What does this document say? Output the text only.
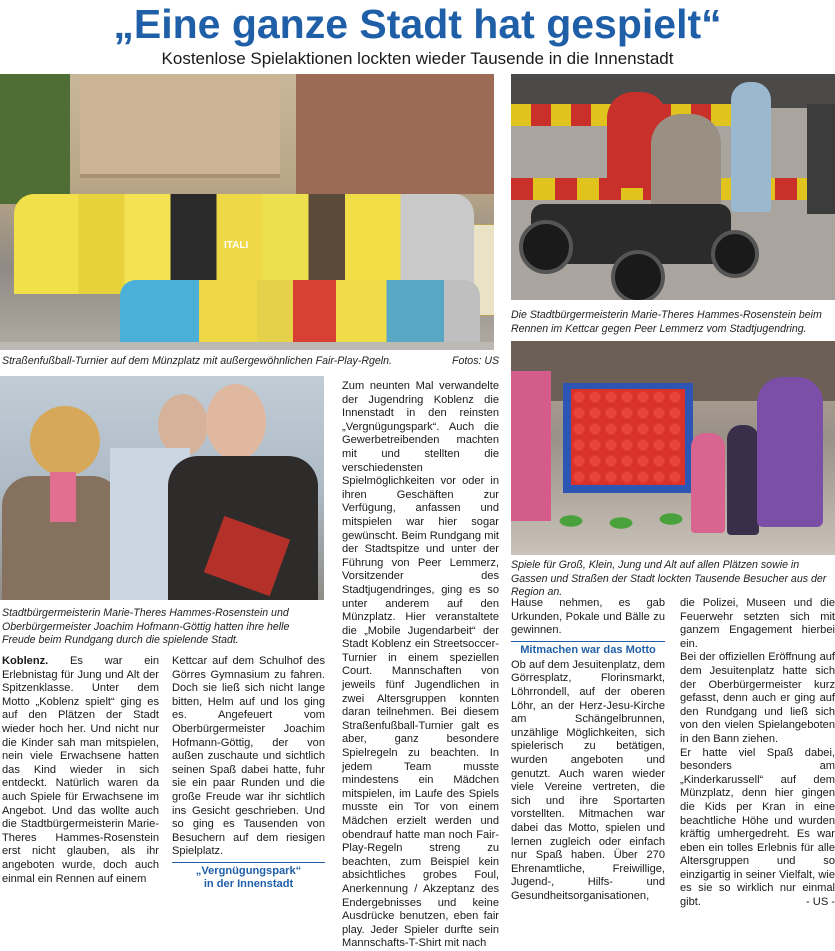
„Eine ganze Stadt hat gespielt“
Kostenlose Spielaktionen lockten wieder Tausende in die Innenstadt
ITALI
Straßenfußball-Turnier auf dem Münzplatz mit außergewöhnlichen Fair-Play-Rgeln.	Fotos: US
Die Stadtbürgermeisterin Marie-Theres Hammes-Rosenstein beim Rennen im Kettcar gegen Peer Lemmerz vom Stadtjugendring.
Stadtbürgermeisterin Marie-Theres Hammes-Rosenstein und Oberbürgermeister Joachim Hofmann-Göttig hatten ihre helle Freude beim Rundgang durch die spielende Stadt.
Spiele für Groß, Klein, Jung und Alt auf allen Plätzen sowie in Gassen und Straßen der Stadt lockten Tausende Besucher aus der Region an.

Koblenz. Es war ein Erlebnistag für Jung und Alt der Spitzenklasse. Unter dem Motto „Koblenz spielt“ ging es auf den Plätzen der Stadt wieder hoch her. Und nicht nur die Kinder sah man mitspielen, nein viele Erwachsene hatten das Kind wieder in sich entdeckt. Natürlich waren da auch Spiele für Erwachsene im Angebot. Und das wollte auch die Stadtbürgermeisterin Marie-Theres Hammes-Rosenstein erst nicht glauben, als ihr angeboten wurde, doch auch einmal ein Rennen auf einem

Kettcar auf dem Schulhof des Görres Gymnasium zu fahren. Doch sie ließ sich nicht lange bitten, Helm auf und los ging es. Angefeuert vom Oberbürgermeister Joachim Hofmann-Göttig, der von außen zuschaute und sichtlich seinen Spaß dabei hatte, fuhr sie ein paar Runden und die große Freude war ihr sichtlich ins Gesicht geschrieben. Und so ging es Tausenden von Besuchern auf dem riesigen Spielplatz.

„Vergnügungspark“
in der Innenstadt

Zum neunten Mal verwandelte der Jugendring Koblenz die Innenstadt in den reinsten „Vergnügungspark“. Auch die Gewerbetreibenden machten mit und stellten die verschiedensten Spielmöglichkeiten vor oder in ihren Geschäften zur Verfügung, anfassen und mitspielen war hier sogar gewünscht. Beim Rundgang mit der Stadtspitze und unter der Führung von Peer Lemmerz, Vorsitzender des Stadtjugendringes, ging es so unter anderem auf den Münzplatz. Hier veranstaltete die „Mobile Jugendarbeit“ der Stadt Koblenz ein Streetsoccer-Turnier in einem speziellen Court. Mannschaften von jeweils fünf Jugendlichen in zwei Altersgruppen konnten daran teilnehmen. Bei diesem Straßenfußball-Turnier galt es aber, ganz besondere Spielregeln zu beachten. In jedem Team musste mindestens ein Mädchen mitspielen, im Laufe des Spiels musste ein Tor von einem Mädchen erzielt werden und obendrauf hatte man noch Fair-Play-Regeln streng zu beachten, zum Beispiel kein absichtliches grobes Foul, Anerkennung / Akzeptanz des Endergebnisses und keine Ausdrücke benutzen, eben fair play. Jeder Spieler durfte sein Mannschafts-T-Shirt mit nach

Hause nehmen, es gab Urkunden, Pokale und Bälle zu gewinnen.

Mitmachen war das Motto

Ob auf dem Jesuitenplatz, dem Görresplatz, Florinsmarkt, Löhrrondell, auf der oberen Löhr, an der Herz-Jesu-Kirche am Schängelbrunnen, unzählige Möglichkeiten, sich spielerisch zu betätigen, wurden angeboten und genutzt. Auch waren wieder viele Vereine vertreten, die sich und ihre Sportarten vorstellten. Mitmachen war dabei das Motto, spielen und lernen zugleich oder einfach nur Spaß haben. Über 270 Ehrenamtliche, Freiwillige, Jugend-, Hilfs- und Gesundheitsorganisationen,

die Polizei, Museen und die Feuerwehr setzten sich mit ganzem Engagement hierbei ein.

Bei der offiziellen Eröffnung auf dem Jesuitenplatz hatte sich der Oberbürgermeister kurz gefasst, denn auch er ging auf den Rundgang und ließ sich von den vielen Spielangeboten in den Bann ziehen.

Er hatte viel Spaß dabei, besonders am „Kinderkarussell“ auf dem Münzplatz, denn hier gingen die Kids per Kran in eine beachtliche Höhe und wurden kräftig umhergedreht. Es war eben ein tolles Erlebnis für alle Altersgruppen und so einzigartig in seiner Vielfalt, wie es sie so wirklich nur einmal gibt.	- US -
